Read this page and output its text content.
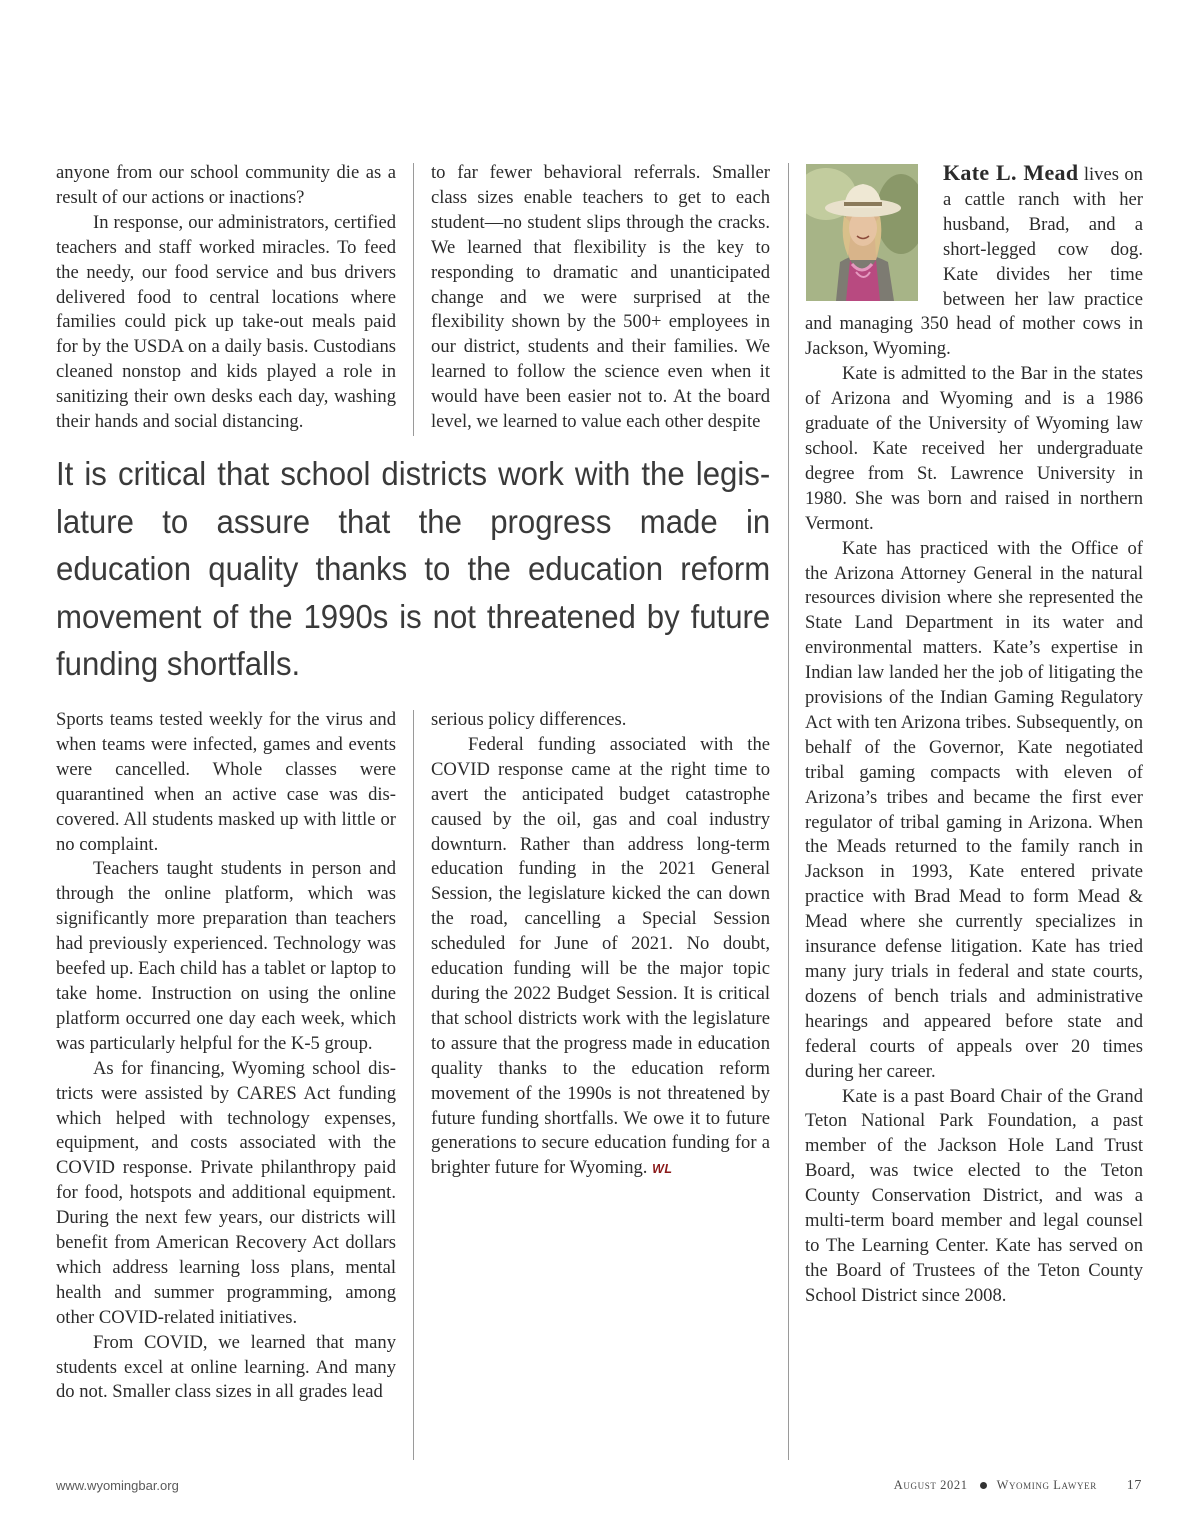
anyone from our school community die as a result of our actions or inactions?

In response, our administrators, certified teachers and staff worked miracles. To feed the needy, our food service and bus drivers delivered food to central locations where families could pick up take-out meals paid for by the USDA on a daily basis. Custodians cleaned nonstop and kids played a role in sanitizing their own desks each day, washing their hands and social distancing.

to far fewer behavioral referrals. Smaller class sizes enable teachers to get to each student—no student slips through the cracks. We learned that flexibility is the key to responding to dramatic and unanticipated change and we were surprised at the flexibility shown by the 500+ employees in our district, students and their families. We learned to follow the science even when it would have been easier not to. At the board level, we learned to value each other despite

It is critical that school districts work with the legislature to assure that the progress made in education quality thanks to the education reform movement of the 1990s is not threatened by future funding shortfalls.

Sports teams tested weekly for the virus and when teams were infected, games and events were cancelled. Whole classes were quarantined when an active case was discovered. All students masked up with little or no complaint.

Teachers taught students in person and through the online platform, which was significantly more preparation than teachers had previously experienced. Technology was beefed up. Each child has a tablet or laptop to take home. Instruction on using the online platform occurred one day each week, which was particularly helpful for the K-5 group.

As for financing, Wyoming school districts were assisted by CARES Act funding which helped with technology expenses, equipment, and costs associated with the COVID response. Private philanthropy paid for food, hotspots and additional equipment. During the next few years, our districts will benefit from American Recovery Act dollars which address learning loss plans, mental health and summer programming, among other COVID-related initiatives.

From COVID, we learned that many students excel at online learning. And many do not. Smaller class sizes in all grades lead

serious policy differences.

Federal funding associated with the COVID response came at the right time to avert the anticipated budget catastrophe caused by the oil, gas and coal industry downturn. Rather than address long-term education funding in the 2021 General Session, the legislature kicked the can down the road, cancelling a Special Session scheduled for June of 2021. No doubt, education funding will be the major topic during the 2022 Budget Session. It is critical that school districts work with the legislature to assure that the progress made in education quality thanks to the education reform movement of the 1990s is not threatened by future funding shortfalls. We owe it to future generations to secure education funding for a brighter future for Wyoming. WL

Kate L. Mead lives on a cattle ranch with her husband, Brad, and a short-legged cow dog. Kate divides her time between her law practice and managing 350 head of mother cows in Jackson, Wyoming.

Kate is admitted to the Bar in the states of Arizona and Wyoming and is a 1986 graduate of the University of Wyoming law school. Kate received her undergraduate degree from St. Lawrence University in 1980. She was born and raised in northern Vermont.

Kate has practiced with the Office of the Arizona Attorney General in the natural resources division where she represented the State Land Department in its water and environmental matters. Kate’s expertise in Indian law landed her the job of litigating the provisions of the Indian Gaming Regulatory Act with ten Arizona tribes. Subsequently, on behalf of the Governor, Kate negotiated tribal gaming compacts with eleven of Arizona’s tribes and became the first ever regulator of tribal gaming in Arizona. When the Meads returned to the family ranch in Jackson in 1993, Kate entered private practice with Brad Mead to form Mead & Mead where she currently specializes in insurance defense litigation. Kate has tried many jury trials in federal and state courts, dozens of bench trials and administrative hearings and appeared before state and federal courts of appeals over 20 times during her career.

Kate is a past Board Chair of the Grand Teton National Park Foundation, a past member of the Jackson Hole Land Trust Board, was twice elected to the Teton County Conservation District, and was a multi-term board member and legal counsel to The Learning Center. Kate has served on the Board of Trustees of the Teton County School District since 2008.

www.wyomingbar.org	August 2021 Wyoming Lawyer 17
